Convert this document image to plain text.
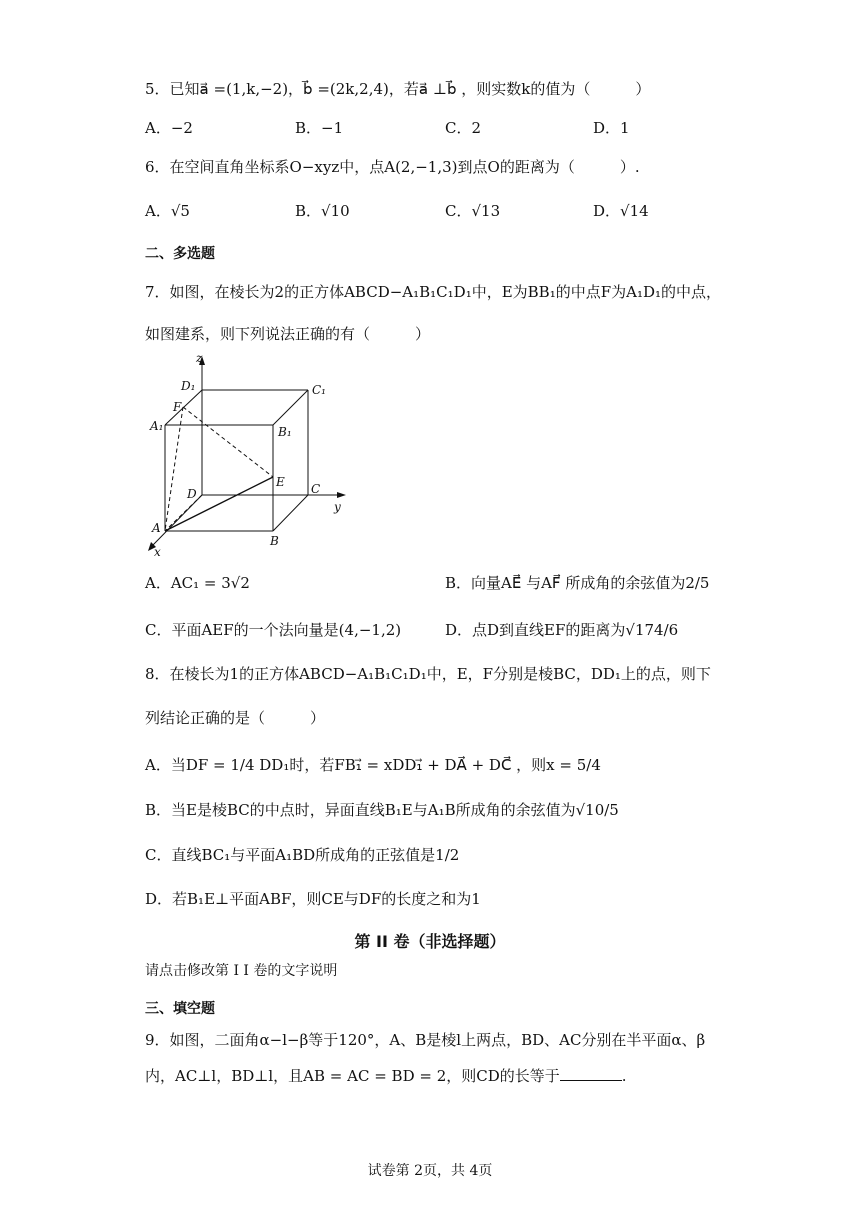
5．已知a⃗ =(1,k,−2)，b⃗ =(2k,2,4)，若a⃗ ⊥b⃗ ，则实数k的值为（　　　）
A．−2	B．−1	C．2	D．1
6．在空间直角坐标系O−xyz中，点A(2,−1,3)到点O的距离为（　　　）.
A．√5	B．√10	C．√13	D．√14
二、多选题
7．如图，在棱长为2的正方体ABCD−A₁B₁C₁D₁中，E为BB₁的中点F为A₁D₁的中点，
如图建系，则下列说法正确的有（　　　）
z
y
x
D₁	C₁
F
A₁	B₁
E
D	C
A
B
A．AC₁ = 3√2	B．向量AE⃗ 与AF⃗ 所成角的余弦值为2/5
C．平面AEF的一个法向量是(4,−1,2)	D．点D到直线EF的距离为√174/6
8．在棱长为1的正方体ABCD−A₁B₁C₁D₁中，E，F分别是棱BC，DD₁上的点，则下
列结论正确的是（　　　）
A．当DF = 1/4 DD₁时，若FB₁⃗ = xDD₁⃗ + DA⃗ + DC⃗ ，则x = 5/4
B．当E是棱BC的中点时，异面直线B₁E与A₁B所成角的余弦值为√10/5
C．直线BC₁与平面A₁BD所成角的正弦值是1/2
D．若B₁E⊥平面ABF，则CE与DF的长度之和为1
第 II 卷（非选择题）
请点击修改第 I I 卷的文字说明
三、填空题
9．如图，二面角α−l−β等于120°，A、B是棱l上两点，BD、AC分别在半平面α、β
内，AC⊥l，BD⊥l，且AB = AC = BD = 2，则CD的长等于	.
试卷第 2页，共 4页
